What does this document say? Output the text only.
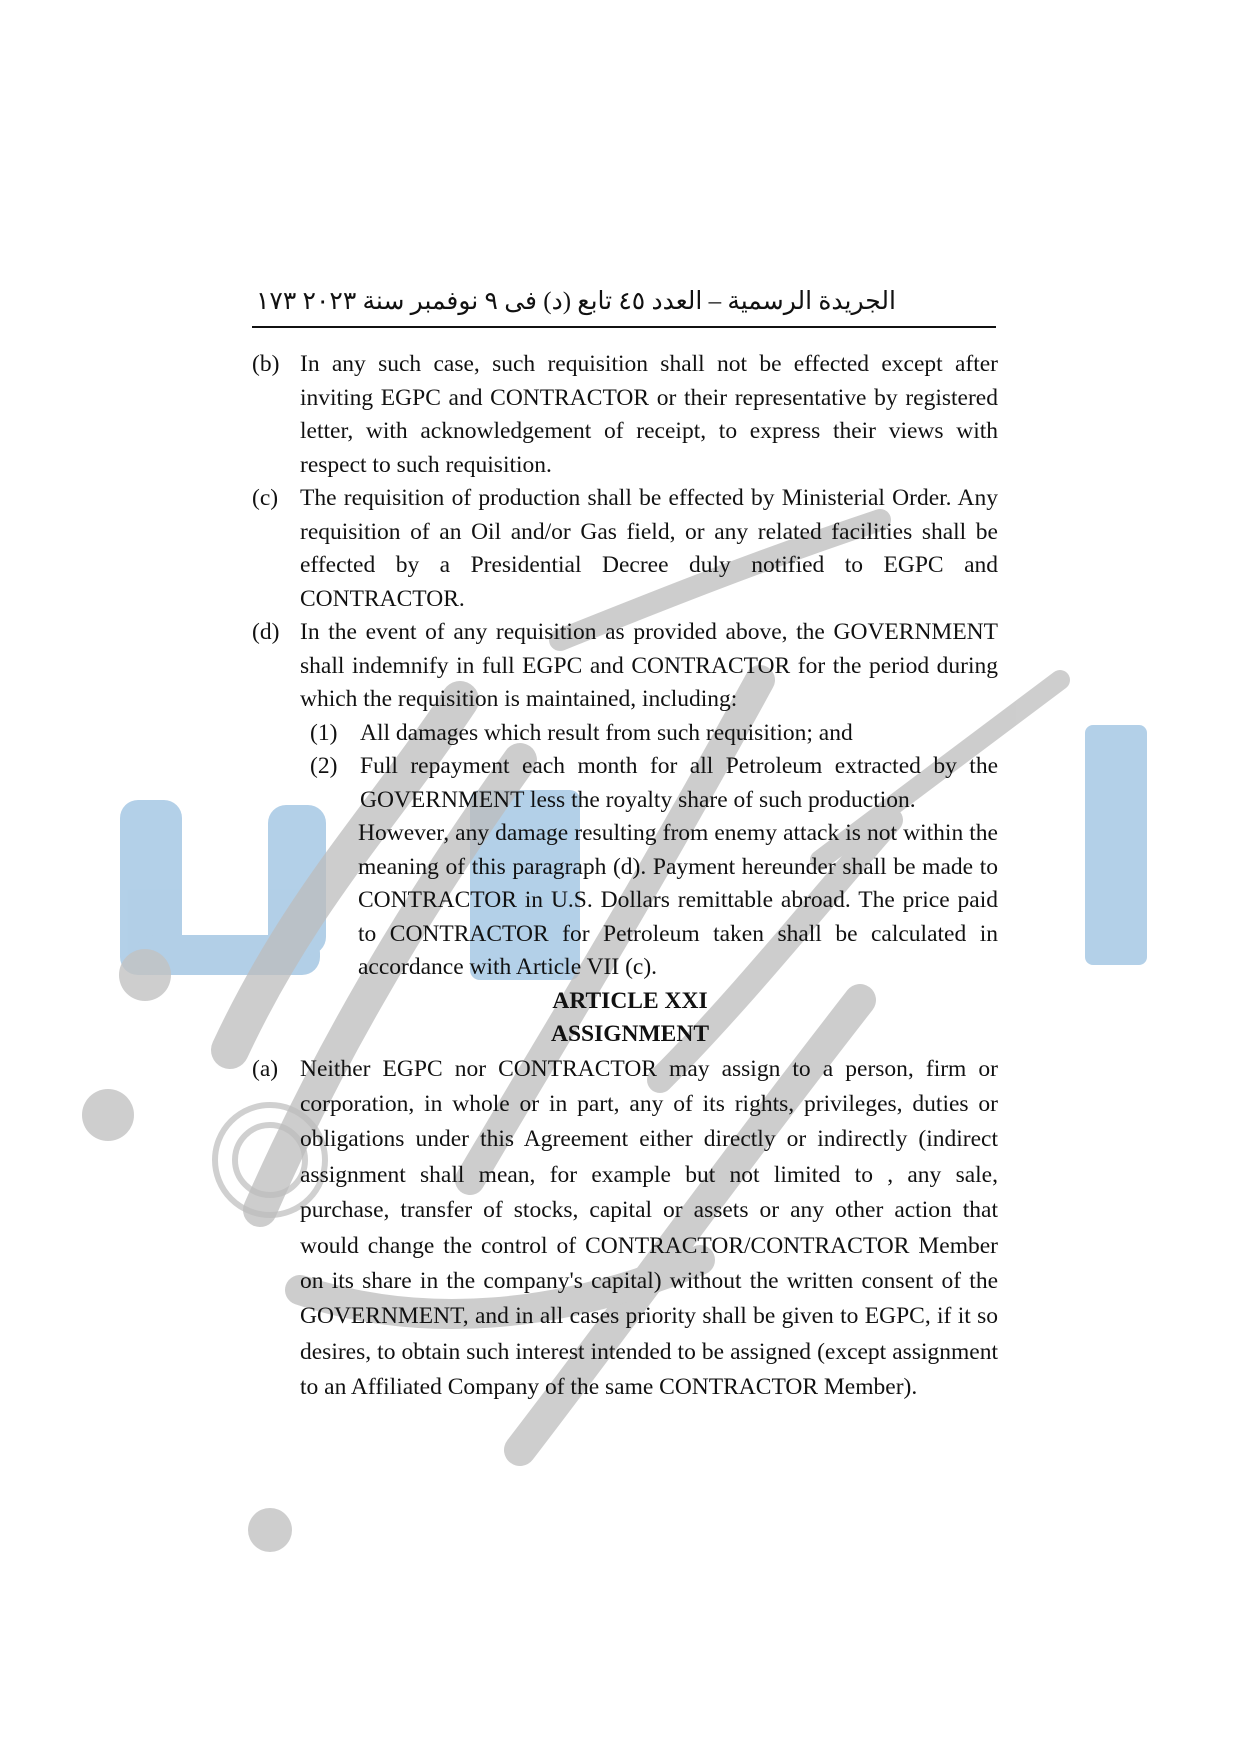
الجريدة الرسمية – العدد ٤٥ تابع (د) فى ٩ نوفمبر سنة ٢٠٢٣
١٧٣
(b) In any such case, such requisition shall not be effected except after inviting EGPC and CONTRACTOR or their representative by registered letter, with acknowledgement of receipt, to express their views with respect to such requisition.
(c) The requisition of production shall be effected by Ministerial Order. Any requisition of an Oil and/or Gas field, or any related facilities shall be effected by a Presidential Decree duly notified to EGPC and CONTRACTOR.
(d) In the event of any requisition as provided above, the GOVERNMENT shall indemnify in full EGPC and CONTRACTOR for the period during which the requisition is maintained, including:
(1) All damages which result from such requisition; and
(2) Full repayment each month for all Petroleum extracted by the GOVERNMENT less the royalty share of such production.
However, any damage resulting from enemy attack is not within the meaning of this paragraph (d). Payment hereunder shall be made to CONTRACTOR in U.S. Dollars remittable abroad. The price paid to CONTRACTOR for Petroleum taken shall be calculated in accordance with Article VII (c).
ARTICLE XXI
ASSIGNMENT
(a) Neither EGPC nor CONTRACTOR may assign to a person, firm or corporation, in whole or in part, any of its rights, privileges, duties or obligations under this Agreement either directly or indirectly (indirect assignment shall mean, for example but not limited to , any sale, purchase, transfer of stocks, capital or assets or any other action that would change the control of CONTRACTOR/CONTRACTOR Member on its share in the company's capital) without the written consent of the GOVERNMENT, and in all cases priority shall be given to EGPC, if it so desires, to obtain such interest intended to be assigned (except assignment to an Affiliated Company of the same CONTRACTOR Member).
